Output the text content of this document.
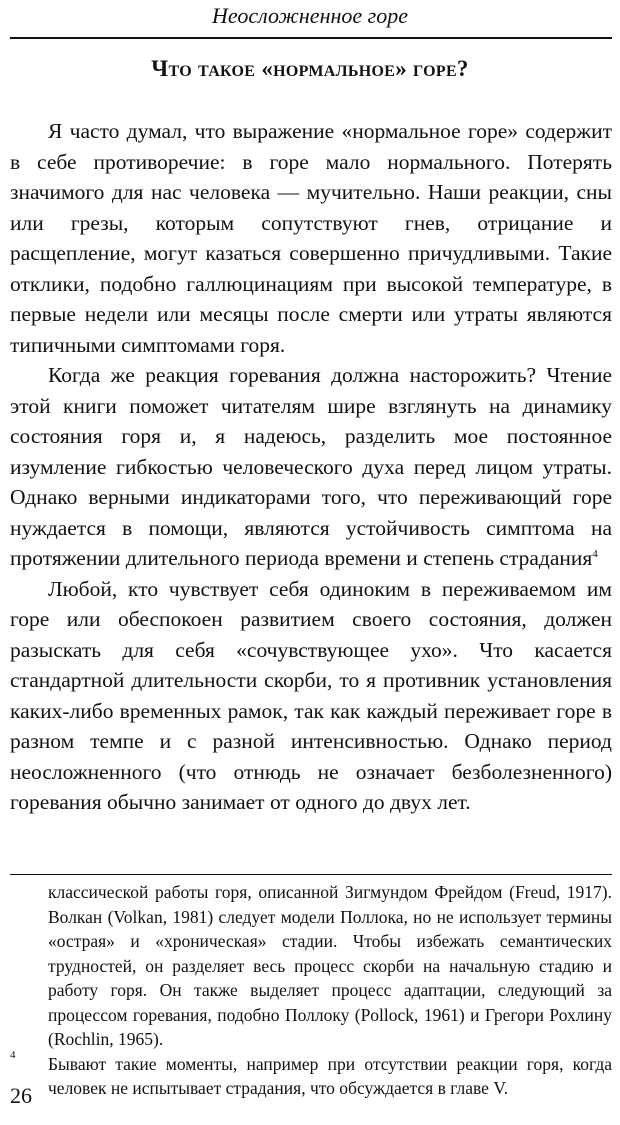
Неосложненное горе
Что такое «нормальное» горе?

Я часто думал, что выражение «нормальное горе» содержит в себе противоречие: в горе мало нормального. Потерять значимого для нас человека — мучительно. Наши реакции, сны или грезы, которым сопутствуют гнев, отрицание и расщепление, могут казаться совершенно причудливыми. Такие отклики, подобно галлюцинациям при высокой температуре, в первые недели или месяцы после смерти или утраты являются типичными симптомами горя.

Когда же реакция горевания должна насторожить? Чтение этой книги поможет читателям шире взглянуть на динамику состояния горя и, я надеюсь, разделить мое постоянное изумление гибкостью человеческого духа перед лицом утраты. Однако верными индикаторами того, что переживающий горе нуждается в помощи, являются устойчивость симптома на протяжении длительного периода времени и степень страдания$^4$

Любой, кто чувствует себя одиноким в переживаемом им горе или обеспокоен развитием своего состояния, должен разыскать для себя «сочувствующее ухо». Что касается стандартной длительности скорби, то я противник установления каких-либо временных рамок, так как каждый переживает горе в разном темпе и с разной интенсивностью. Однако период неосложненного (что отнюдь не означает безболезненного) горевания обычно занимает от одного до двух лет.

классической работы горя, описанной Зигмундом Фрейдом (Freud, 1917). Волкан (Volkan, 1981) следует модели Поллока, но не использует термины «острая» и «хроническая» стадии. Чтобы избежать семантических трудностей, он разделяет весь процесс скорби на начальную стадию и работу горя. Он также выделяет процесс адаптации, следующий за процессом горевания, подобно Поллоку (Pollock, 1961) и Грегори Рохлину (Rochlin, 1965).
4 Бывают такие моменты, например при отсутствии реакции горя, когда человек не испытывает страдания, что обсуждается в главе V.
26
